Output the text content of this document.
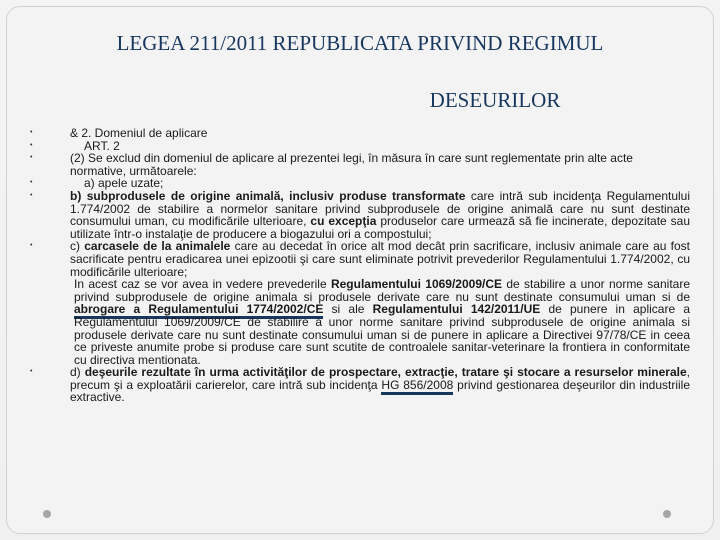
LEGEA 211/2011 REPUBLICATA PRIVIND REGIMUL
DESEURILOR
•	& 2. Domeniul de aplicare
•	ART. 2
•	(2) Se exclud din domeniul de aplicare al prezentei legi, în măsura în care sunt reglementate prin alte acte normative, următoarele:
•	a) apele uzate;
•	b) subprodusele de origine animală, inclusiv produse transformate care intră sub incidenţa Regulamentului 1.774/2002 de stabilire a normelor sanitare privind subprodusele de origine animală care nu sunt destinate consumului uman, cu modificările ulterioare, cu excepţia produselor care urmează să fie incinerate, depozitate sau utilizate într-o instalaţie de producere a biogazului ori a compostului;
•	c) carcasele de la animalele care au decedat în orice alt mod decât prin sacrificare, inclusiv animale care au fost sacrificate pentru eradicarea unei epizootii şi care sunt eliminate potrivit prevederilor Regulamentului 1.774/2002, cu modificările ulterioare;
In acest caz se vor avea in vedere prevederile Regulamentului 1069/2009/CE de stabilire a unor norme sanitare privind subprodusele de origine animala si produsele derivate care nu sunt destinate consumului uman si de abrogare a Regulamentului 1774/2002/CE si ale Regulamentului 142/2011/UE de punere in aplicare a Regulamentului 1069/2009/CE de stabilire a unor norme sanitare privind subprodusele de origine animala si produsele derivate care nu sunt destinate consumului uman si de punere in aplicare a Directivei 97/78/CE in ceea ce priveste anumite probe si produse care sunt scutite de controalele sanitar-veterinare la frontiera in conformitate cu directiva mentionata.
•	d) deşeurile rezultate în urma activităţilor de prospectare, extracţie, tratare şi stocare a resurselor minerale, precum şi a exploatării carierelor, care intră sub incidenţa HG 856/2008 privind gestionarea deşeurilor din industriile extractive.
